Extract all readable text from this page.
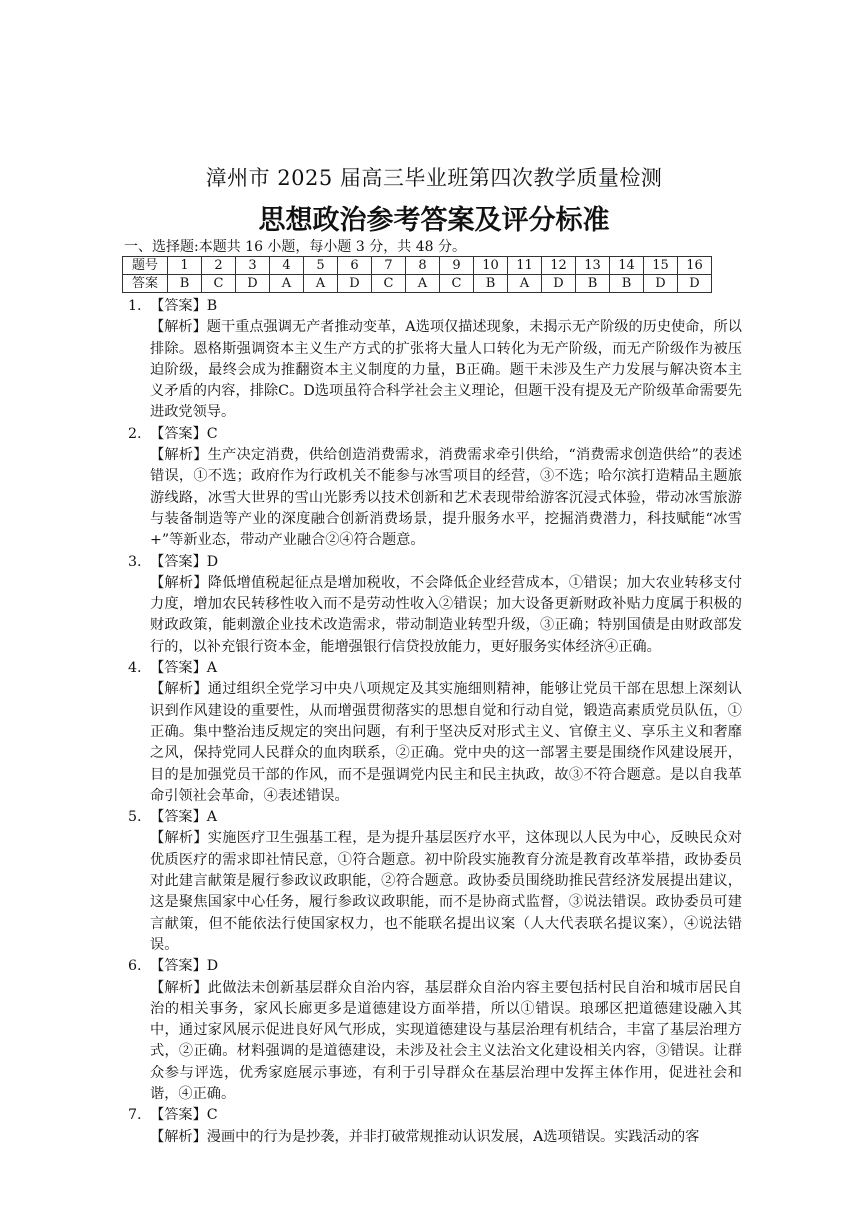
漳州市 2025 届高三毕业班第四次教学质量检测
思想政治参考答案及评分标准
一、选择题:本题共 16 小题，每小题 3 分，共 48 分。
题号	1	2	3	4	5	6	7	8	9	10	11	12	13	14	15	16
答案	B	C	D	A	A	D	C	A	C	B	A	D	B	B	D	D
1. 【答案】B
【解析】题干重点强调无产者推动变革，A选项仅描述现象，未揭示无产阶级的历史使命，所以排除。恩格斯强调资本主义生产方式的扩张将大量人口转化为无产阶级，而无产阶级作为被压迫阶级，最终会成为推翻资本主义制度的力量，B正确。题干未涉及生产力发展与解决资本主义矛盾的内容，排除C。D选项虽符合科学社会主义理论，但题干没有提及无产阶级革命需要先进政党领导。
2. 【答案】C
【解析】生产决定消费，供给创造消费需求，消费需求牵引供给，“消费需求创造供给”的表述错误，①不选；政府作为行政机关不能参与冰雪项目的经营，③不选；哈尔滨打造精品主题旅游线路，冰雪大世界的雪山光影秀以技术创新和艺术表现带给游客沉浸式体验，带动冰雪旅游与装备制造等产业的深度融合创新消费场景，提升服务水平，挖掘消费潜力，科技赋能“冰雪+”等新业态，带动产业融合②④符合题意。
3. 【答案】D
【解析】降低增值税起征点是增加税收，不会降低企业经营成本，①错误；加大农业转移支付力度，增加农民转移性收入而不是劳动性收入②错误；加大设备更新财政补贴力度属于积极的财政政策，能刺激企业技术改造需求，带动制造业转型升级，③正确；特别国债是由财政部发行的，以补充银行资本金，能增强银行信贷投放能力，更好服务实体经济④正确。
4. 【答案】A
【解析】通过组织全党学习中央八项规定及其实施细则精神，能够让党员干部在思想上深刻认识到作风建设的重要性，从而增强贯彻落实的思想自觉和行动自觉，锻造高素质党员队伍，①正确。集中整治违反规定的突出问题，有利于坚决反对形式主义、官僚主义、享乐主义和奢靡之风，保持党同人民群众的血肉联系，②正确。党中央的这一部署主要是围绕作风建设展开，目的是加强党员干部的作风，而不是强调党内民主和民主执政，故③不符合题意。是以自我革命引领社会革命，④表述错误。
5. 【答案】A
【解析】实施医疗卫生强基工程，是为提升基层医疗水平，这体现以人民为中心，反映民众对优质医疗的需求即社情民意，①符合题意。初中阶段实施教育分流是教育改革举措，政协委员对此建言献策是履行参政议政职能，②符合题意。政协委员围绕助推民营经济发展提出建议，这是聚焦国家中心任务，履行参政议政职能，而不是协商式监督，③说法错误。政协委员可建言献策，但不能依法行使国家权力，也不能联名提出议案（人大代表联名提议案），④说法错误。
6. 【答案】D
【解析】此做法未创新基层群众自治内容，基层群众自治内容主要包括村民自治和城市居民自治的相关事务，家风长廊更多是道德建设方面举措，所以①错误。琅琊区把道德建设融入其中，通过家风展示促进良好风气形成，实现道德建设与基层治理有机结合，丰富了基层治理方式，②正确。材料强调的是道德建设，未涉及社会主义法治文化建设相关内容，③错误。让群众参与评选，优秀家庭展示事迹，有利于引导群众在基层治理中发挥主体作用，促进社会和谐，④正确。
7. 【答案】C
【解析】漫画中的行为是抄袭，并非打破常规推动认识发展，A选项错误。实践活动的客
